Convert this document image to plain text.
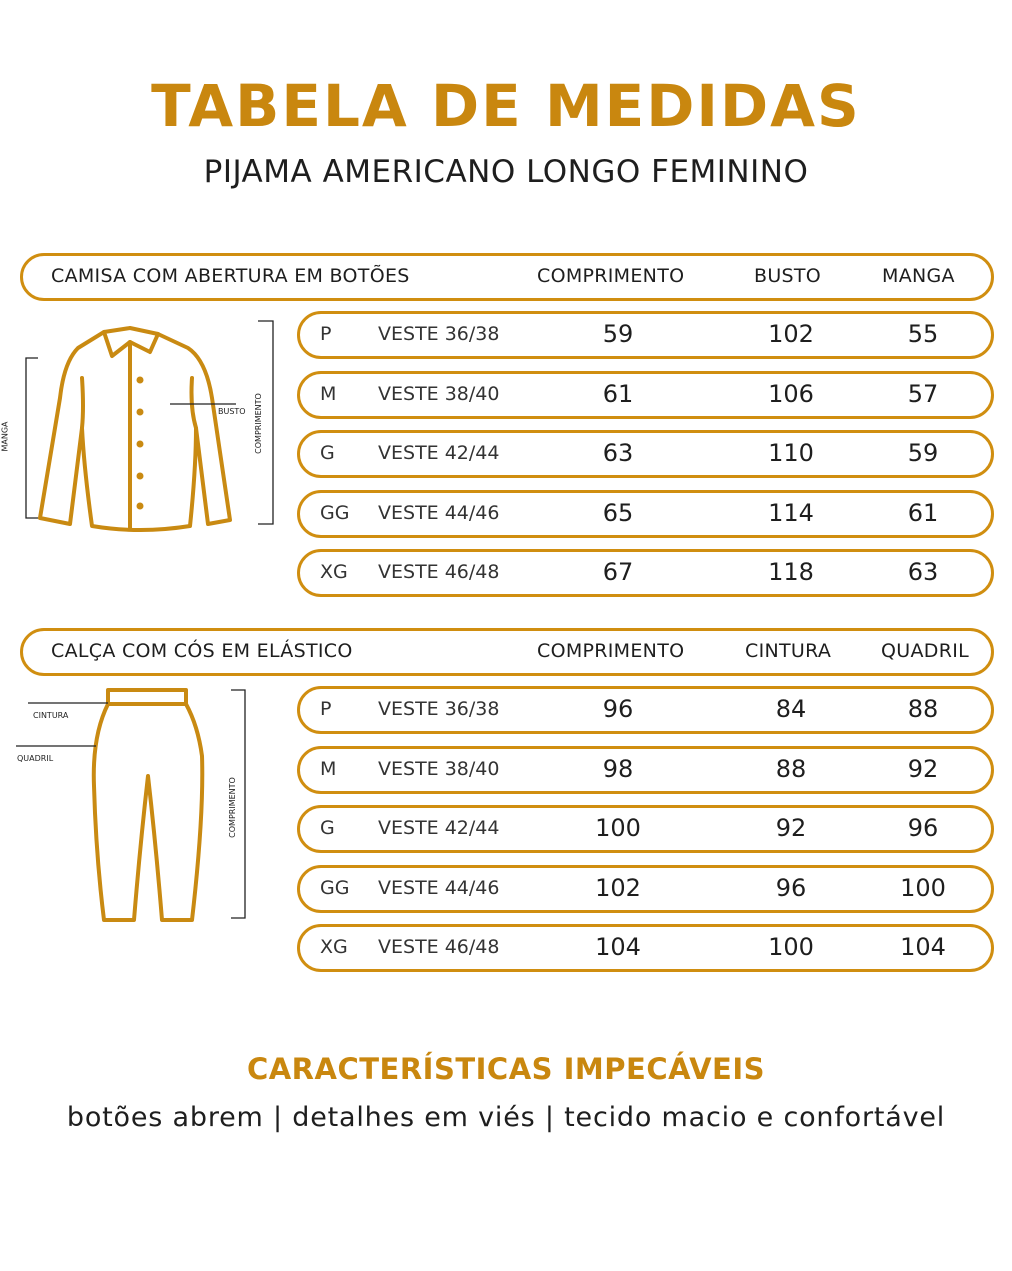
TABELA DE MEDIDAS
PIJAMA AMERICANO LONGO FEMININO
CAMISA COM ABERTURA EM BOTÕES	COMPRIMENTO	BUSTO	MANGA
P VESTE 36/38	59	102	55
M VESTE 38/40	61	106	57
G VESTE 42/44	63	110	59
GG VESTE 44/46	65	114	61
XG VESTE 46/48	67	118	63
MANGA
BUSTO COMPRIMENTO
CALÇA COM CÓS EM ELÁSTICO	COMPRIMENTO	CINTURA	QUADRIL
P VESTE 36/38	96	84	88
M VESTE 38/40	98	88	92
G VESTE 42/44	100	92	96
GG VESTE 44/46	102	96	100
XG VESTE 46/48	104	100	104
CINTURA
QUADRIL
COMPRIMENTO
CARACTERÍSTICAS IMPECÁVEIS
botões abrem | detalhes em viés | tecido macio e confortável
